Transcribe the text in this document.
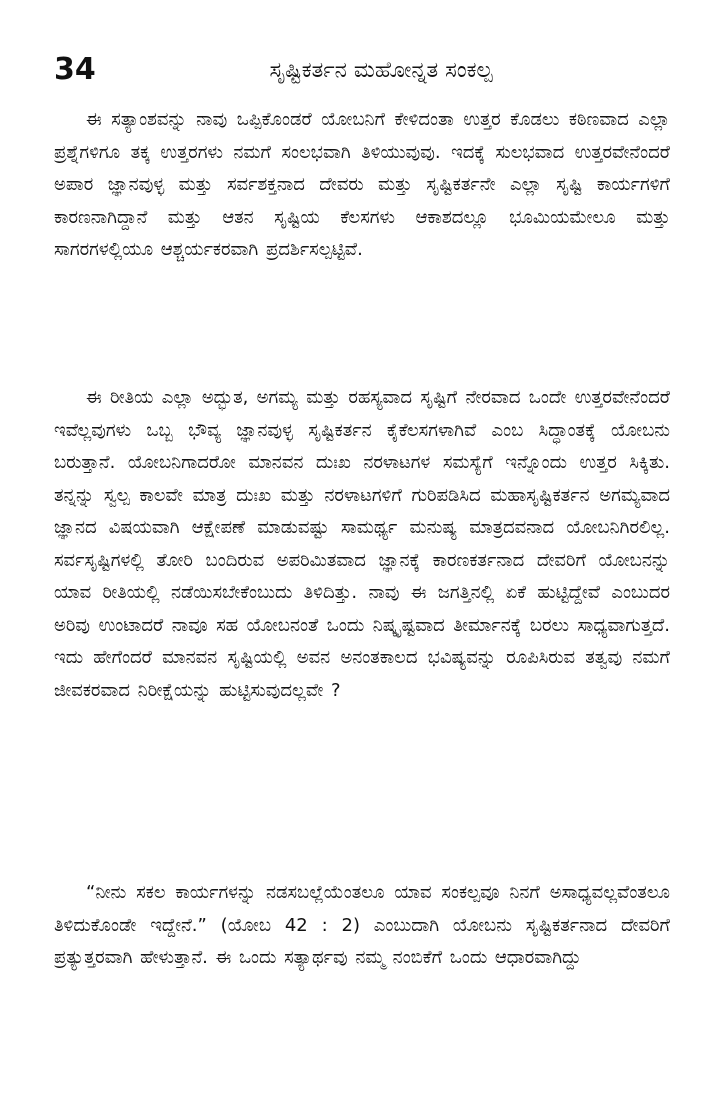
34	ಸೃಷ್ಟಿಕರ್ತನ ಮಹೋನ್ನತ ಸಂಕಲ್ಪ

ಈ ಸತ್ಯಾಂಶವನ್ನು ನಾವು ಒಪ್ಪಿಕೊಂಡರೆ ಯೋಬನಿಗೆ ಕೇಳಿದಂತಾ ಉತ್ತರ ಕೊಡಲು ಕಠಿಣವಾದ ಎಲ್ಲಾ ಪ್ರಶ್ನೆಗಳಿಗೂ ತಕ್ಕ ಉತ್ತರಗಳು ನಮಗೆ ಸಂಲಭವಾಗಿ ತಿಳಿಯುವುವು. ಇದಕ್ಕೆ ಸುಲಭವಾದ ಉತ್ತರವೇನೆಂದರೆ ಅಪಾರ ಜ್ಞಾನವುಳ್ಳ ಮತ್ತು ಸರ್ವಶಕ್ತನಾದ ದೇವರು ಮತ್ತು ಸೃಷ್ಟಿಕರ್ತನೇ ಎಲ್ಲಾ ಸೃಷ್ಟಿ ಕಾರ್ಯಗಳಿಗೆ ಕಾರಣನಾಗಿದ್ದಾನೆ ಮತ್ತು ಆತನ ಸೃಷ್ಟಿಯ ಕೆಲಸಗಳು ಆಕಾಶದಲ್ಲೂ ಭೂಮಿಯಮೇಲೂ ಮತ್ತು ಸಾಗರಗಳಲ್ಲಿಯೂ ಆಶ್ಚರ್ಯಕರವಾಗಿ ಪ್ರದರ್ಶಿಸಲ್ಪಟ್ಟಿವೆ.

ಈ ರೀತಿಯ ಎಲ್ಲಾ ಅದ್ಭುತ, ಅಗಮ್ಯ ಮತ್ತು ರಹಸ್ಯವಾದ ಸೃಷ್ಟಿಗೆ ನೇರವಾದ ಒಂದೇ ಉತ್ತರವೇನೆಂದರೆ ಇವೆಲ್ಲವುಗಳು ಒಬ್ಬ ಭೌವ್ಯ ಜ್ಞಾನವುಳ್ಳ ಸೃಷ್ಟಿಕರ್ತನ ಕೈಕೆಲಸಗಳಾಗಿವೆ ಎಂಬ ಸಿದ್ಧಾಂತಕ್ಕೆ ಯೋಬನು ಬರುತ್ತಾನೆ. ಯೋಬನಿಗಾದರೋ ಮಾನವನ ದುಃಖ ನರಳಾಟಗಳ ಸಮಸ್ಯೆಗೆ ಇನ್ನೊಂದು ಉತ್ತರ ಸಿಕ್ಕಿತು. ತನ್ನನ್ನು ಸ್ವಲ್ಪ ಕಾಲವೇ ಮಾತ್ರ ದುಃಖ ಮತ್ತು ನರಳಾಟಗಳಿಗೆ ಗುರಿಪಡಿಸಿದ ಮಹಾಸೃಷ್ಟಿಕರ್ತನ ಅಗಮ್ಯವಾದ ಜ್ಞಾನದ ವಿಷಯವಾಗಿ ಆಕ್ಷೇಪಣೆ ಮಾಡುವಷ್ಟು ಸಾಮರ್ಥ್ಯ ಮನುಷ್ಯ ಮಾತ್ರದವನಾದ ಯೋಬನಿಗಿರಲಿಲ್ಲ. ಸರ್ವಸೃಷ್ಟಿಗಳಲ್ಲಿ ತೋರಿ ಬಂದಿರುವ ಅಪರಿಮಿತವಾದ ಜ್ಞಾನಕ್ಕೆ ಕಾರಣಕರ್ತನಾದ ದೇವರಿಗೆ ಯೋಬನನ್ನು ಯಾವ ರೀತಿಯಲ್ಲಿ ನಡೆಯಿಸಬೇಕೆಂಬುದು ತಿಳಿದಿತ್ತು. ನಾವು ಈ ಜಗತ್ತಿನಲ್ಲಿ ಏಕೆ ಹುಟ್ಟಿದ್ದೇವೆ ಎಂಬುದರ ಅರಿವು ಉಂಟಾದರೆ ನಾವೂ ಸಹ ಯೋಬನಂತೆ ಒಂದು ನಿಷ್ಕೃಷ್ಟವಾದ ತೀರ್ಮಾನಕ್ಕೆ ಬರಲು ಸಾಧ್ಯವಾಗುತ್ತದೆ. ಇದು ಹೇಗೆಂದರೆ ಮಾನವನ ಸೃಷ್ಟಿಯಲ್ಲಿ ಅವನ ಅನಂತಕಾಲದ ಭವಿಷ್ಯವನ್ನು ರೂಪಿಸಿರುವ ತತ್ವವು ನಮಗೆ ಜೀವಕರವಾದ ನಿರೀಕ್ಷೆಯನ್ನು ಹುಟ್ಟಿಸುವುದಲ್ಲವೇ ?

“ನೀನು ಸಕಲ ಕಾರ್ಯಗಳನ್ನು ನಡಸಬಲ್ಲೆಯೆಂತಲೂ ಯಾವ ಸಂಕಲ್ಪವೂ ನಿನಗೆ ಅಸಾಧ್ಯವಲ್ಲವೆಂತಲೂ ತಿಳಿದುಕೊಂಡೇ ಇದ್ದೇನೆ.” (ಯೋಬ 42 : 2) ಎಂಬುದಾಗಿ ಯೋಬನು ಸೃಷ್ಟಿಕರ್ತನಾದ ದೇವರಿಗೆ ಪ್ರತ್ಯುತ್ತರವಾಗಿ ಹೇಳುತ್ತಾನೆ. ಈ ಒಂದು ಸತ್ಯಾರ್ಥವು ನಮ್ಮ ನಂಬಿಕೆಗೆ ಒಂದು ಆಧಾರವಾಗಿದ್ದು
